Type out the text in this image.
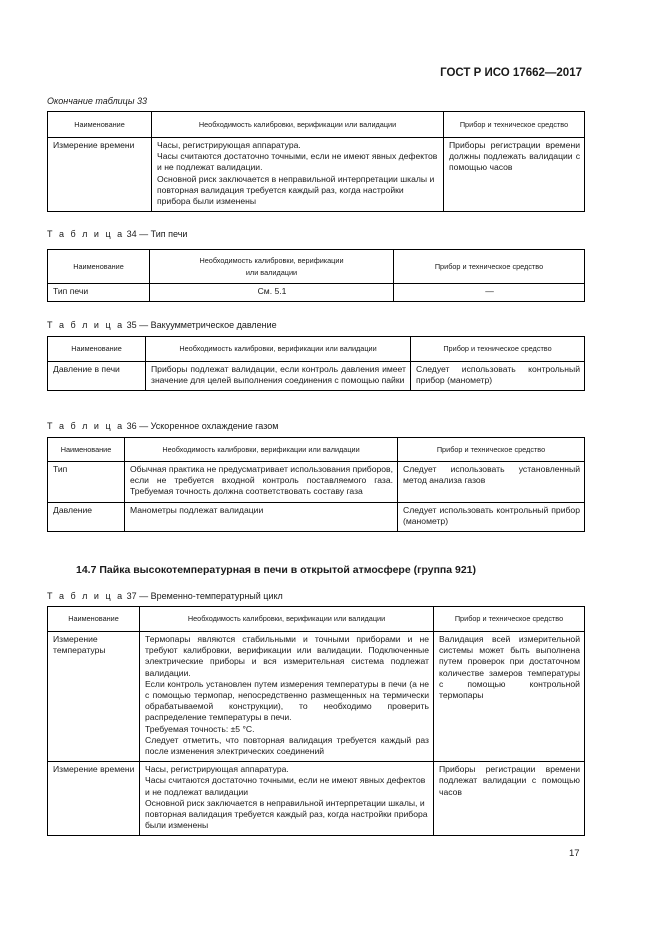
ГОСТ Р ИСО 17662—2017
Окончание таблицы 33
Наименование	Необходимость калибровки, верификации или валидации	Прибор и техническое средство
Измерение времени	Часы, регистрирующая аппаратура.
Часы считаются достаточно точными, если не имеют явных дефектов и не подлежат валидации.
Основной риск заключается в неправильной интерпретации шкалы и повторная валидация требуется каждый раз, когда настройки прибора были изменены	Приборы регистрации времени должны подлежать валидации с помощью часов
Т а б л и ц а 34 — Тип печи
Наименование	Необходимость калибровки, верификации
или валидации	Прибор и техническое средство
Тип печи	См. 5.1	—
Т а б л и ц а 35 — Вакуумметрическое давление
Наименование	Необходимость калибровки, верификации или валидации	Прибор и техническое средство
Давление в печи	Приборы подлежат валидации, если контроль давления имеет значение для целей выполнения соединения с помощью пайки	Следует использовать контрольный прибор (манометр)
Т а б л и ц а 36 — Ускоренное охлаждение газом
Наименование	Необходимость калибровки, верификации или валидации	Прибор и техническое средство
Тип	Обычная практика не предусматривает использования приборов, если не требуется входной контроль поставляемого газа. Требуемая точность должна соответствовать составу газа	Следует использовать установленный метод анализа газов
Давление	Манометры подлежат валидации	Следует использовать контрольный прибор (манометр)
14.7 Пайка высокотемпературная в печи в открытой атмосфере (группа 921)
Т а б л и ц а 37 — Временно-температурный цикл
Наименование	Необходимость калибровки, верификации или валидации	Прибор и техническое средство
Измерение температуры	Термопары являются стабильными и точными приборами и не требуют калибровки, верификации или валидации. Подключенные электрические приборы и вся измерительная система подлежат валидации.
Если контроль установлен путем измерения температуры в печи (а не с помощью термопар, непосредственно размещенных на термически обрабатываемой конструкции), то необходимо проверить распределение температуры в печи.
Требуемая точность: ±5 °С.
Следует отметить, что повторная валидация требуется каждый раз после изменения электрических соединений	Валидация всей измерительной системы может быть выполнена путем проверок при достаточном количестве замеров температуры с помощью контрольной термопары
Измерение времени	Часы, регистрирующая аппаратура.
Часы считаются достаточно точными, если не имеют явных дефектов и не подлежат валидации
Основной риск заключается в неправильной интерпретации шкалы, и повторная валидация требуется каждый раз, когда настройки прибора были изменены	Приборы регистрации времени подлежат валидации с помощью часов
17
